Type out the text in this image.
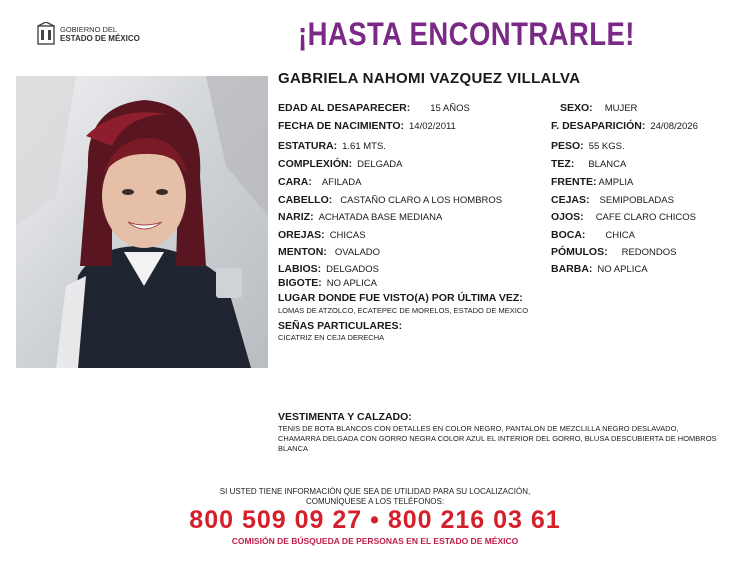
GOBIERNO DEL
ESTADO DE MÉXICO	¡HASTA ENCONTRARLE!
GABRIELA NAHOMI VAZQUEZ VILLALVA
EDAD AL DESAPARECER: 15 AÑOS	SEXO: MUJER
FECHA DE NACIMIENTO: 14/02/2011	F. DESAPARICIÓN: 24/08/2026
ESTATURA: 1.61 MTS.	PESO: 55 KGS.
COMPLEXIÓN: DELGADA	TEZ: BLANCA
CARA: AFILADA	FRENTE: AMPLIA
CABELLO: CASTAÑO CLARO A LOS HOMBROS	CEJAS: SEMIPOBLADAS
NARIZ: ACHATADA BASE MEDIANA	OJOS: CAFE CLARO CHICOS
OREJAS: CHICAS	BOCA: CHICA
MENTON: OVALADO	PÓMULOS: REDONDOS
LABIOS: DELGADOS	BARBA: NO APLICA
BIGOTE: NO APLICA
LUGAR DONDE FUE VISTO(A) POR ÚLTIMA VEZ:
LOMAS DE ATZOLCO, ECATEPEC DE MORELOS, ESTADO DE MEXICO
SEÑAS PARTICULARES:
CICATRIZ EN CEJA DERECHA
VESTIMENTA Y CALZADO:
TENIS DE BOTA BLANCOS CON DETALLES EN COLOR NEGRO, PANTALON DE MEZCLILLA NEGRO DESLAVADO, CHAMARRA DELGADA CON GORRO NEGRA COLOR AZUL EL INTERIOR DEL GORRO, BLUSA DESCUBIERTA DE HOMBROS BLANCA
SI USTED TIENE INFORMACIÓN QUE SEA DE UTILIDAD PARA SU LOCALIZACIÓN,
COMUNÍQUESE A LOS TELÉFONOS:
800 509 09 27 • 800 216 03 61
COMISIÓN DE BÚSQUEDA DE PERSONAS EN EL ESTADO DE MÉXICO
